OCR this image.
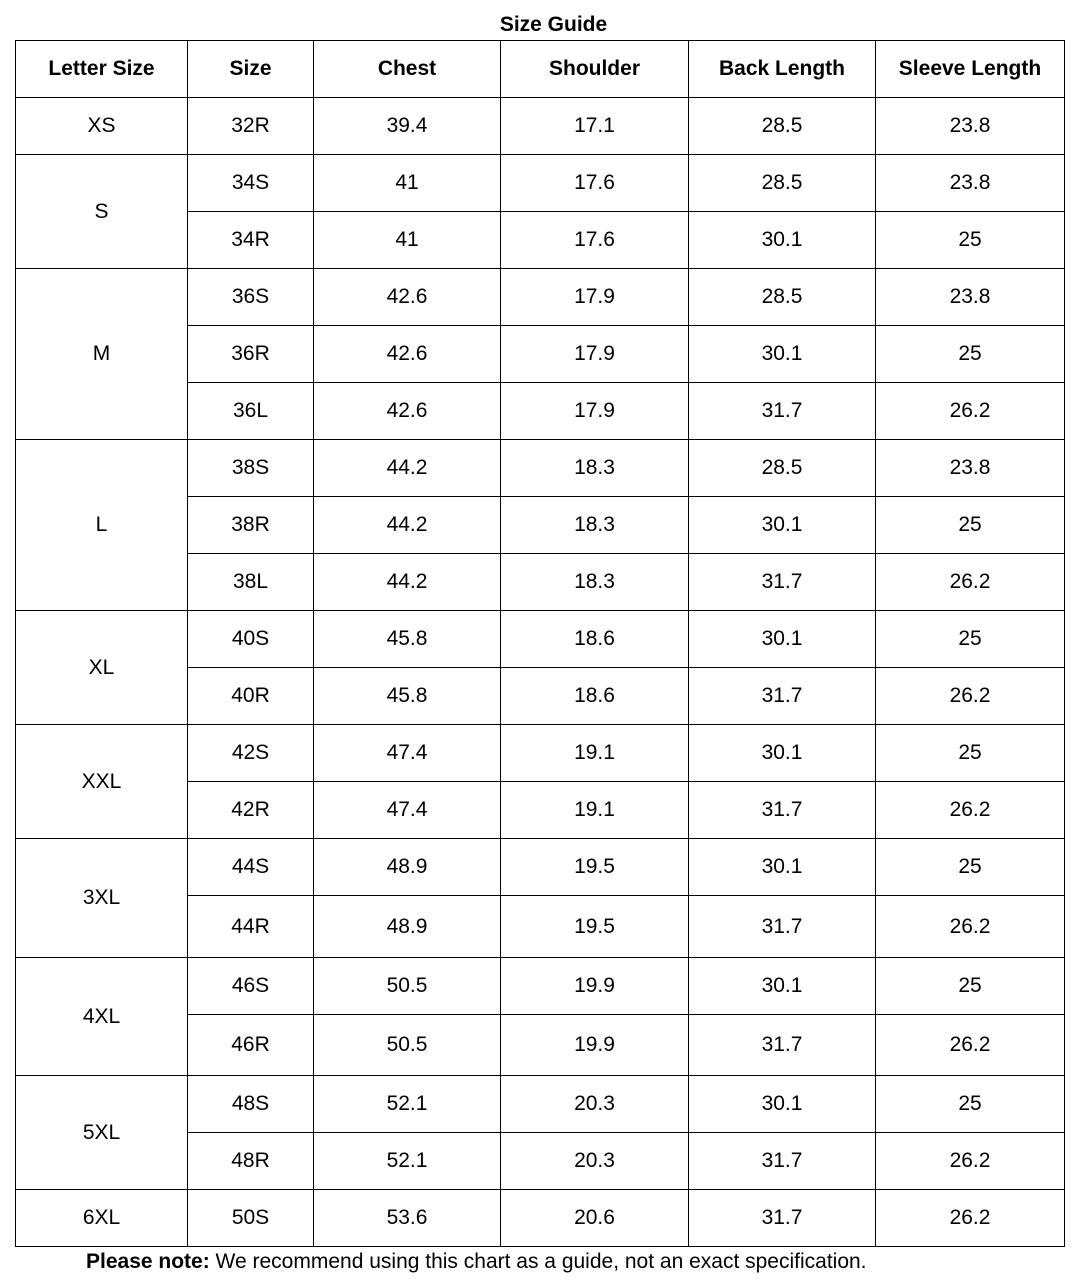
Size Guide
Letter Size	Size	Chest	Shoulder	Back Length	Sleeve Length
XS	32R	39.4	17.1	28.5	23.8
S	34S	41	17.6	28.5	23.8
	34R	41	17.6	30.1	25
M	36S	42.6	17.9	28.5	23.8
	36R	42.6	17.9	30.1	25
	36L	42.6	17.9	31.7	26.2
L	38S	44.2	18.3	28.5	23.8
	38R	44.2	18.3	30.1	25
	38L	44.2	18.3	31.7	26.2
XL	40S	45.8	18.6	30.1	25
	40R	45.8	18.6	31.7	26.2
XXL	42S	47.4	19.1	30.1	25
	42R	47.4	19.1	31.7	26.2
3XL	44S	48.9	19.5	30.1	25
	44R	48.9	19.5	31.7	26.2
4XL	46S	50.5	19.9	30.1	25
	46R	50.5	19.9	31.7	26.2
5XL	48S	52.1	20.3	30.1	25
	48R	52.1	20.3	31.7	26.2
6XL	50S	53.6	20.6	31.7	26.2
Please note: We recommend using this chart as a guide, not an exact specification.
